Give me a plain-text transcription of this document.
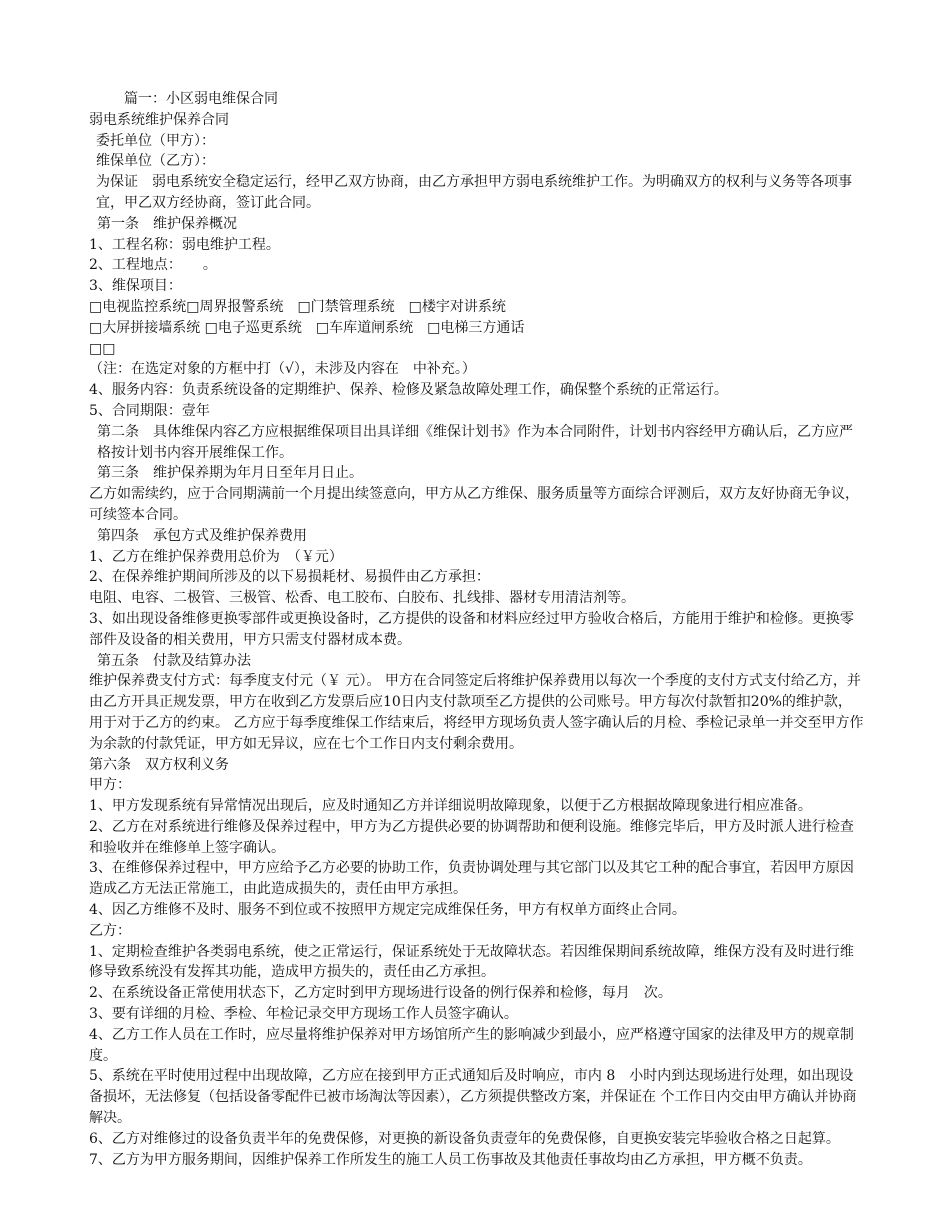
篇一：小区弱电维保合同

弱电系统维护保养合同

委托单位（甲方）：

维保单位（乙方）：

为保证　弱电系统安全稳定运行，经甲乙双方协商，由乙方承担甲方弱电系统维护工作。为明确双方的权利与义务等各项事宜，甲乙双方经协商，签订此合同。

第一条　维护保养概况

1、工程名称：弱电维护工程。

2、工程地点：　　。

3、维保项目：

□电视监控系统□周界报警系统　□门禁管理系统　□楼宇对讲系统

□大屏拼接墙系统 □电子巡更系统　□车库道闸系统　□电梯三方通话

□□

（注：在选定对象的方框中打（√），未涉及内容在　中补充。）

4、服务内容：负责系统设备的定期维护、保养、检修及紧急故障处理工作，确保整个系统的正常运行。

5、合同期限：壹年

第二条　具体维保内容乙方应根据维保项目出具详细《维保计划书》作为本合同附件，计划书内容经甲方确认后，乙方应严格按计划书内容开展维保工作。

第三条　维护保养期为年月日至年月日止。

乙方如需续约，应于合同期满前一个月提出续签意向，甲方从乙方维保、服务质量等方面综合评测后，双方友好协商无争议，可续签本合同。

第四条　承包方式及维护保养费用

1、乙方在维护保养费用总价为　（￥元）

2、在保养维护期间所涉及的以下易损耗材、易损件由乙方承担：

电阻、电容、二极管、三极管、松香、电工胶布、白胶布、扎线排、器材专用清洁剂等。

3、如出现设备维修更换零部件或更换设备时，乙方提供的设备和材料应经过甲方验收合格后，方能用于维护和检修。更换零部件及设备的相关费用，甲方只需支付器材成本费。

第五条　付款及结算办法

维护保养费支付方式：每季度支付元（￥ 元）。 甲方在合同签定后将维护保养费用以每次一个季度的支付方式支付给乙方，并由乙方开具正规发票，甲方在收到乙方发票后应10日内支付款项至乙方提供的公司账号。甲方每次付款暂扣20%的维护款，用于对于乙方的约束。 乙方应于每季度维保工作结束后，将经甲方现场负责人签字确认后的月检、季检记录单一并交至甲方作为余款的付款凭证，甲方如无异议，应在七个工作日内支付剩余费用。

第六条　双方权利义务

甲方：

1、甲方发现系统有异常情况出现后，应及时通知乙方并详细说明故障现象，以便于乙方根据故障现象进行相应准备。

2、乙方在对系统进行维修及保养过程中，甲方为乙方提供必要的协调帮助和便利设施。维修完毕后，甲方及时派人进行检查和验收并在维修单上签字确认。

3、在维修保养过程中，甲方应给予乙方必要的协助工作，负责协调处理与其它部门以及其它工种的配合事宜，若因甲方原因造成乙方无法正常施工，由此造成损失的，责任由甲方承担。

4、因乙方维修不及时、服务不到位或不按照甲方规定完成维保任务，甲方有权单方面终止合同。

乙方：

1、定期检查维护各类弱电系统，使之正常运行，保证系统处于无故障状态。若因维保期间系统故障，维保方没有及时进行维修导致系统没有发挥其功能，造成甲方损失的，责任由乙方承担。

2、在系统设备正常使用状态下，乙方定时到甲方现场进行设备的例行保养和检修，每月　次。

3、要有详细的月检、季检、年检记录交甲方现场工作人员签字确认。

4、乙方工作人员在工作时，应尽量将维护保养对甲方场馆所产生的影响减少到最小，应严格遵守国家的法律及甲方的规章制度。

5、系统在平时使用过程中出现故障，乙方应在接到甲方正式通知后及时响应，市内 8　小时内到达现场进行处理，如出现设备损坏，无法修复（包括设备零配件已被市场淘汰等因素），乙方须提供整改方案，并保证在 个工作日内交由甲方确认并协商解决。

6、乙方对维修过的设备负责半年的免费保修，对更换的新设备负责壹年的免费保修，自更换安装完毕验收合格之日起算。

7、乙方为甲方服务期间，因维护保养工作所发生的施工人员工伤事故及其他责任事故均由乙方承担，甲方概不负责。
